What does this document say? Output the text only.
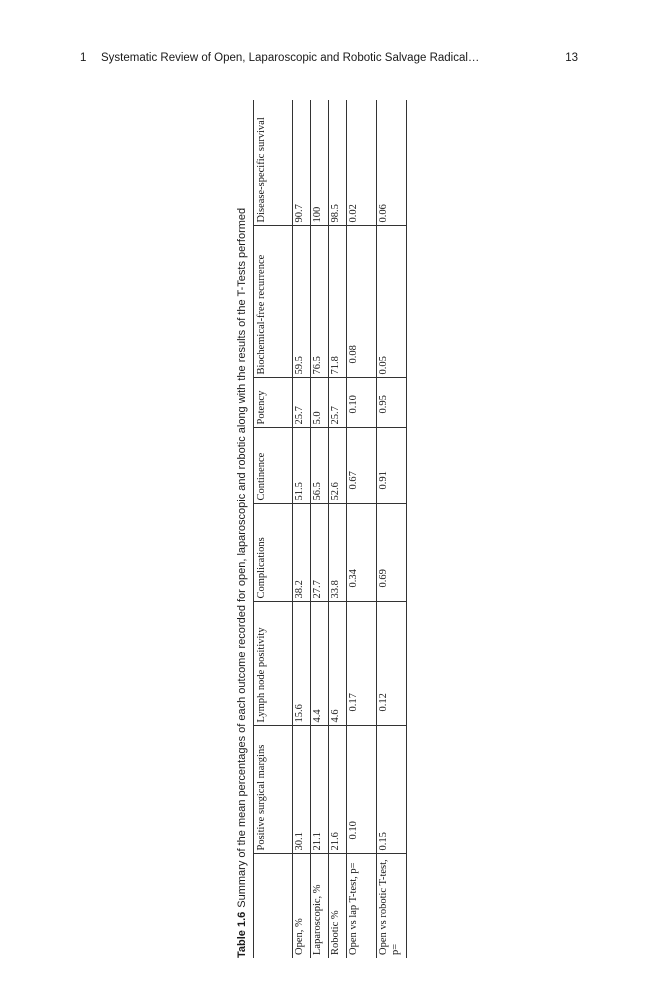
1 Systematic Review of Open, Laparoscopic and Robotic Salvage Radical…	13
Table 1.6Summary of the mean percentages of each outcome recorded for open, laparoscopic and robotic along with the results of the T-Tests performed
	Positive surgical margins	Lymph node positivity	Complications	Continence	Potency	Biochemical-free recurrence	Disease-specific survival
Open, %	30.1	15.6	38.2	51.5	25.7	59.5	90.7
Laparoscopic, %	21.1	4.4	27.7	56.5	5.0	76.5	100
Robotic %	21.6	4.6	33.8	52.6	25.7	71.8	98.5
Open vs lap T-test, p=	0.10	0.17	0.34	0.67	0.10	0.08	0.02
Open vs robotic T-test, p=	0.15	0.12	0.69	0.91	0.95	0.05	0.06
